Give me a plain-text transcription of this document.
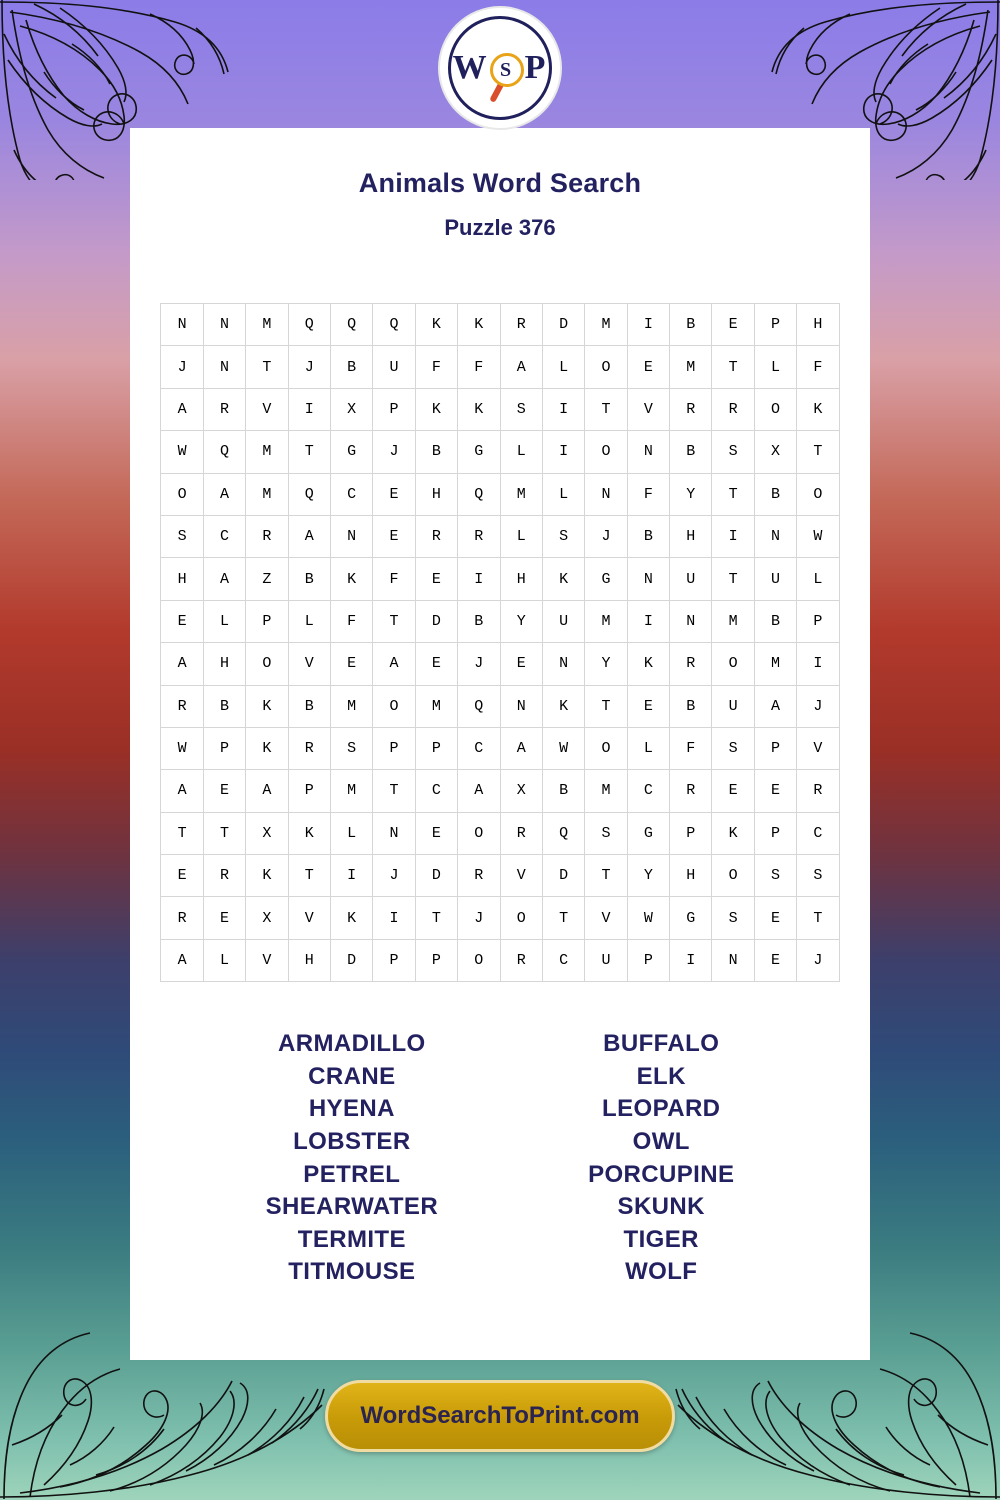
W S P
Animals Word Search
Puzzle 376
N	N	M	Q	Q	Q	K	K	R	D	M	I	B	E	P	H
J	N	T	J	B	U	F	F	A	L	O	E	M	T	L	F
A	R	V	I	X	P	K	K	S	I	T	V	R	R	O	K
W	Q	M	T	G	J	B	G	L	I	O	N	B	S	X	T
O	A	M	Q	C	E	H	Q	M	L	N	F	Y	T	B	O
S	C	R	A	N	E	R	R	L	S	J	B	H	I	N	W
H	A	Z	B	K	F	E	I	H	K	G	N	U	T	U	L
E	L	P	L	F	T	D	B	Y	U	M	I	N	M	B	P
A	H	O	V	E	A	E	J	E	N	Y	K	R	O	M	I
R	B	K	B	M	O	M	Q	N	K	T	E	B	U	A	J
W	P	K	R	S	P	P	C	A	W	O	L	F	S	P	V
A	E	A	P	M	T	C	A	X	B	M	C	R	E	E	R
T	T	X	K	L	N	E	O	R	Q	S	G	P	K	P	C
E	R	K	T	I	J	D	R	V	D	T	Y	H	O	S	S
R	E	X	V	K	I	T	J	O	T	V	W	G	S	E	T
A	L	V	H	D	P	P	O	R	C	U	P	I	N	E	J
ARMADILLO
CRANE
HYENA
LOBSTER
PETREL
SHEARWATER
TERMITE
TITMOUSE
BUFFALO
ELK
LEOPARD
OWL
PORCUPINE
SKUNK
TIGER
WOLF
WordSearchToPrint.com
